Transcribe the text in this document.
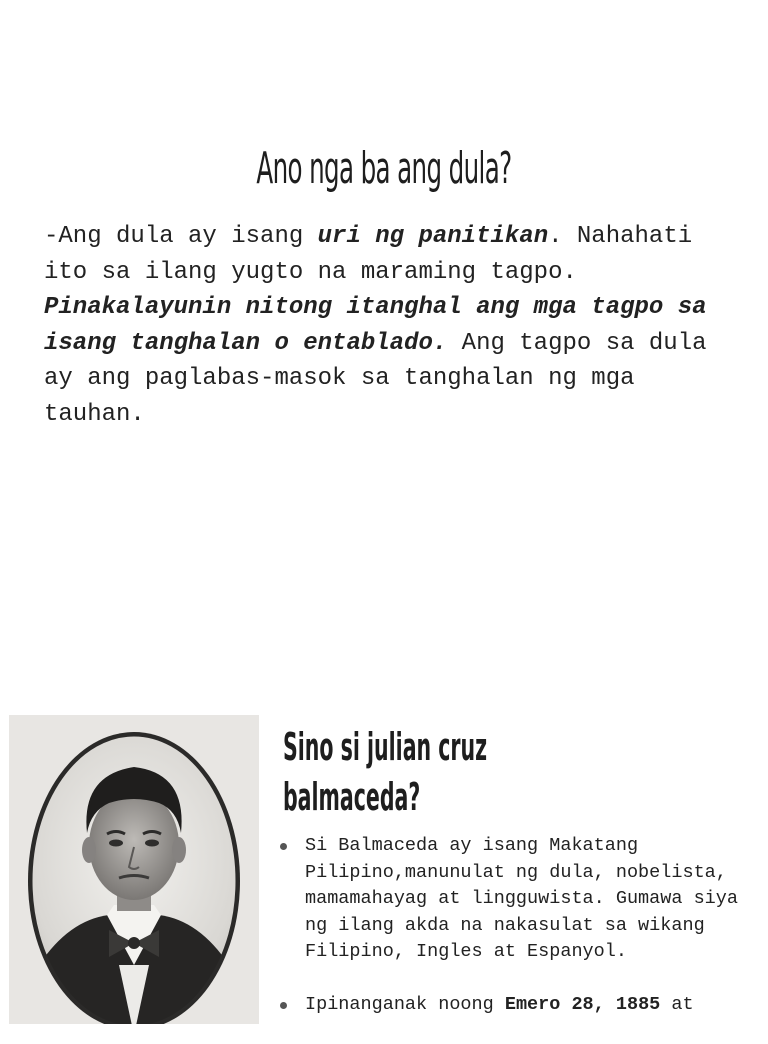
Ano nga ba ang dula?

-Ang dula ay isang uri ng panitikan. Nahahati ito sa ilang yugto na maraming tagpo. Pinakalayunin nitong itanghal ang mga tagpo sa isang tanghalan o entablado. Ang tagpo sa dula ay ang paglabas-masok sa tanghalan ng mga tauhan.

Sino si julian cruz
balmaceda?
Si Balmaceda ay isang Makatang Pilipino,manunulat ng dula, nobelista, mamamahayag at lingguwista. Gumawa siya ng ilang akda na nakasulat sa wikang Filipino, Ingles at Espanyol.
Ipinanganak noong Emero 28, 1885 at
